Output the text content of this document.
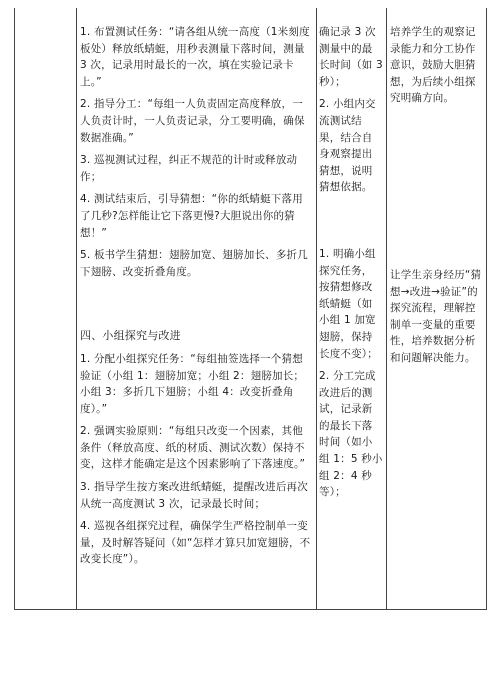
1. 布置测试任务：“请各组从统一高度（1米刻度板处）释放纸蜻蜓，用秒表测量下落时间，测量 3 次，记录用时最长的一次，填在实验记录卡上。”

2. 指导分工：“每组一人负责固定高度释放，一人负责计时，一人负责记录，分工要明确，确保数据准确。”

3. 巡视测试过程，纠正不规范的计时或释放动作；

4. 测试结束后，引导猜想：“你的纸蜻蜓下落用了几秒?怎样能让它下落更慢?大胆说出你的猜想！”

5. 板书学生猜想：翅膀加宽、翅膀加长、多折几下翅膀、改变折叠角度。

四、小组探究与改进

1. 分配小组探究任务：“每组抽签选择一个猜想验证（小组 1：翅膀加宽；小组 2：翅膀加长；小组 3：多折几下翅膀；小组 4：改变折叠角度）。”

2. 强调实验原则：“每组只改变一个因素，其他条件（释放高度、纸的材质、测试次数）保持不变，这样才能确定是这个因素影响了下落速度。”

3. 指导学生按方案改进纸蜻蜓，提醒改进后再次从统一高度测试 3 次，记录最长时间；

4. 巡视各组探究过程，确保学生严格控制单一变量，及时解答疑问（如“怎样才算只加宽翅膀，不改变长度”）。

确记录 3 次测量中的最长时间（如 3 秒）；

2. 小组内交流测试结果，结合自身观察提出猜想，说明猜想依据。

1. 明确小组探究任务，按猜想修改纸蜻蜓（如小组 1 加宽翅膀，保持长度不变）；

2. 分工完成改进后的测试，记录新的最长下落时间（如小组 1：5 秒小组 2：4 秒等）；

培养学生的观察记录能力和分工协作意识，鼓励大胆猜想，为后续小组探究明确方向。

让学生亲身经历“猜想→改进→验证”的探究流程，理解控制单一变量的重要性，培养数据分析和问题解决能力。
